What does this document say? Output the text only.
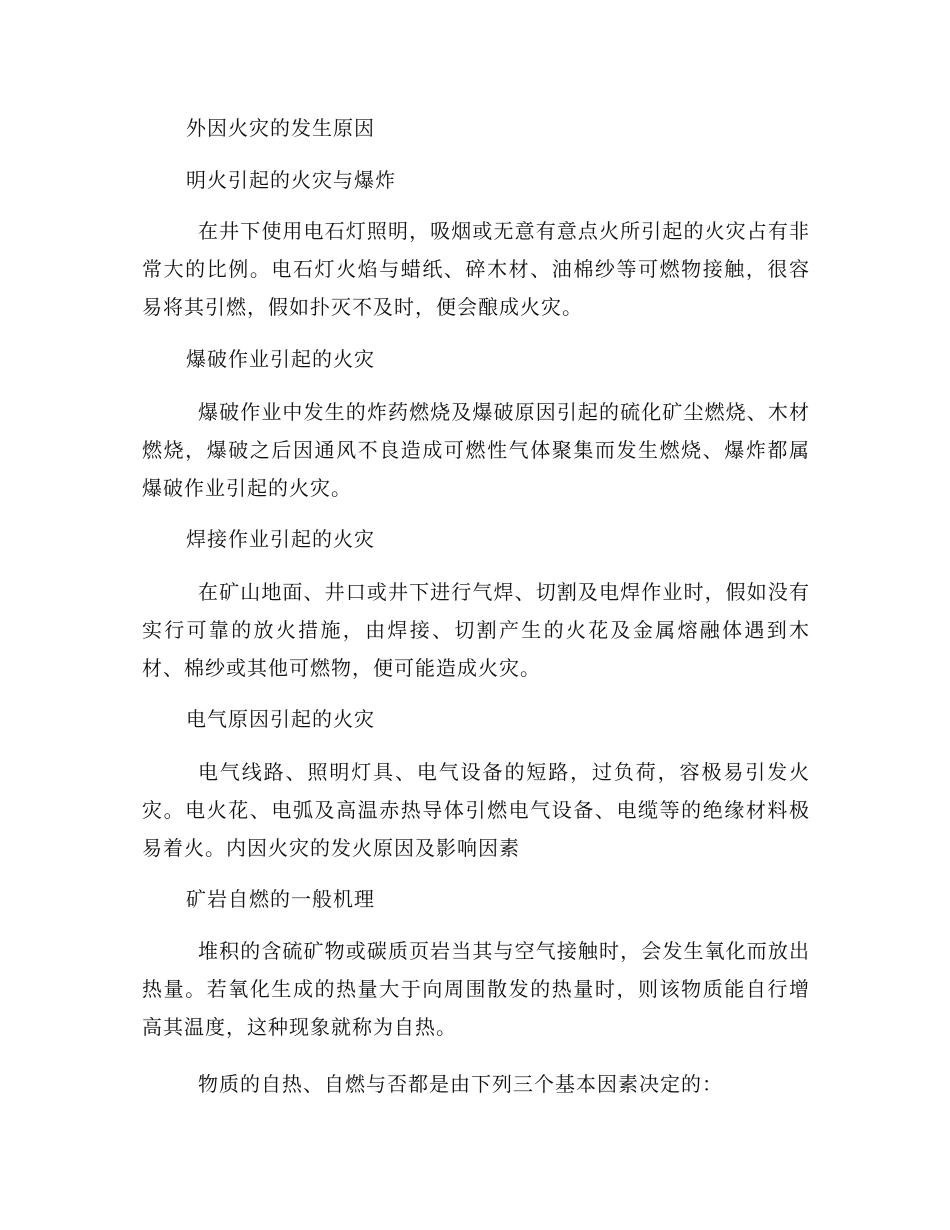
外因火灾的发生原因
明火引起的火灾与爆炸
在井下使用电石灯照明，吸烟或无意有意点火所引起的火灾占有非常大的比例。电石灯火焰与蜡纸、碎木材、油棉纱等可燃物接触，很容易将其引燃，假如扑灭不及时，便会酿成火灾。
爆破作业引起的火灾
爆破作业中发生的炸药燃烧及爆破原因引起的硫化矿尘燃烧、木材燃烧，爆破之后因通风不良造成可燃性气体聚集而发生燃烧、爆炸都属爆破作业引起的火灾。
焊接作业引起的火灾
在矿山地面、井口或井下进行气焊、切割及电焊作业时，假如没有实行可靠的放火措施，由焊接、切割产生的火花及金属熔融体遇到木材、棉纱或其他可燃物，便可能造成火灾。
电气原因引起的火灾
电气线路、照明灯具、电气设备的短路，过负荷，容极易引发火灾。电火花、电弧及高温赤热导体引燃电气设备、电缆等的绝缘材料极易着火。内因火灾的发火原因及影响因素
矿岩自燃的一般机理
堆积的含硫矿物或碳质页岩当其与空气接触时，会发生氧化而放出热量。若氧化生成的热量大于向周围散发的热量时，则该物质能自行增高其温度，这种现象就称为自热。
物质的自热、自燃与否都是由下列三个基本因素决定的：
